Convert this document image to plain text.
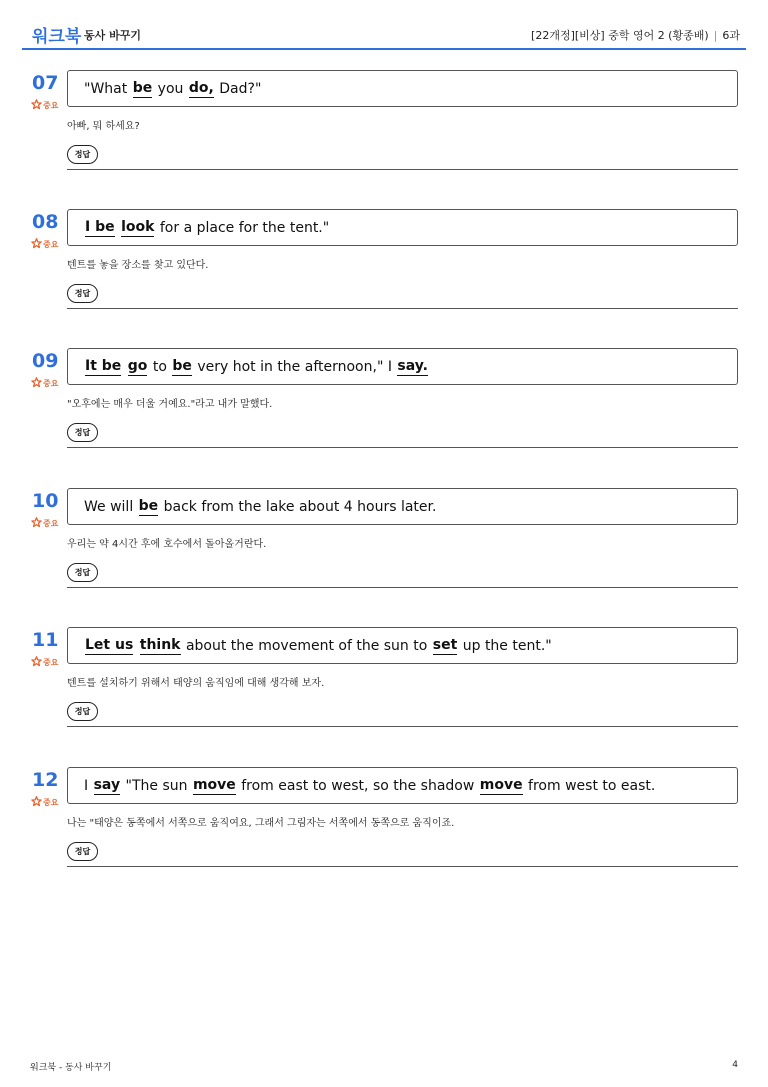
워크북 동사 바꾸기	[22개정][비상] 중학 영어 2 (황종배) | 6과
07
중요
"What be you do, Dad?"
아빠, 뭐 하세요?
정답
08
중요
I be
look for a place for the tent."
텐트를 놓을 장소를 찾고 있단다.
정답
09
중요
It be
go to be very hot in the afternoon," I say.
"오후에는 매우 더울 거예요."라고 내가 말했다.
정답
10
중요
We will be back from the lake about 4 hours later.
우리는 약 4시간 후에 호수에서 돌아올거란다.
정답
11
중요
Let us
think about the movement of the sun to set up the tent."
텐트를 설치하기 위해서 태양의 움직임에 대해 생각해 보자.
정답
12
중요
I say "The sun move from east to west, so the shadow move from west to east.
나는 "태양은 동쪽에서 서쪽으로 움직여요, 그래서 그림자는 서쪽에서 동쪽으로 움직이죠.
정답
워크북 - 동사 바꾸기	4
